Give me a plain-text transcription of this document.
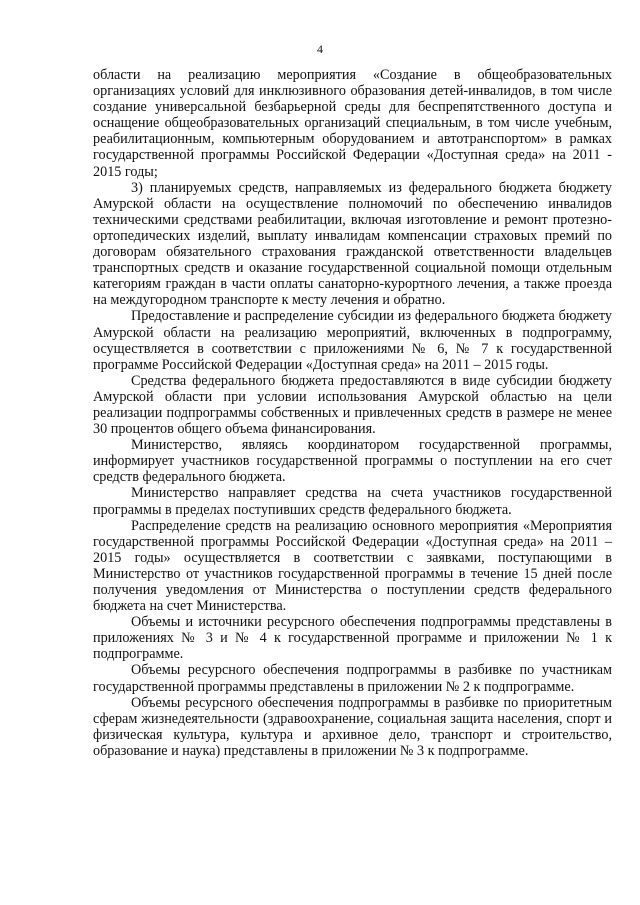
4

области на реализацию мероприятия «Создание в общеобразовательных организациях условий для инклюзивного образования детей-инвалидов, в том числе создание универсальной безбарьерной среды для беспрепятственного доступа и оснащение общеобразовательных организаций специальным, в том числе учебным, реабилитационным, компьютерным оборудованием и автотранспортом» в рамках государственной программы Российской Федерации «Доступная среда» на 2011 - 2015 годы;

3) планируемых средств, направляемых из федерального бюджета бюджету Амурской области на осуществление полномочий по обеспечению инвалидов техническими средствами реабилитации, включая изготовление и ремонт протезно-ортопедических изделий, выплату инвалидам компенсации страховых премий по договорам обязательного страхования гражданской ответственности владельцев транспортных средств и оказание государственной социальной помощи отдельным категориям граждан в части оплаты санаторно-курортного лечения, а также проезда на междугородном транспорте к месту лечения и обратно.

Предоставление и распределение субсидии из федерального бюджета бюджету Амурской области на реализацию мероприятий, включенных в подпрограмму, осуществляется в соответствии с приложениями № 6, № 7 к государственной программе Российской Федерации «Доступная среда» на 2011 – 2015 годы.

Средства федерального бюджета предоставляются в виде субсидии бюджету Амурской области при условии использования Амурской областью на цели реализации подпрограммы собственных и привлеченных средств в размере не менее 30 процентов общего объема финансирования.

Министерство, являясь координатором государственной программы, информирует участников государственной программы о поступлении на его счет средств федерального бюджета.

Министерство направляет средства на счета участников государственной программы в пределах поступивших средств федерального бюджета.

Распределение средств на реализацию основного мероприятия «Мероприятия государственной программы Российской Федерации «Доступная среда» на 2011 – 2015 годы» осуществляется в соответствии с заявками, поступающими в Министерство от участников государственной программы в течение 15 дней после получения уведомления от Министерства о поступлении средств федерального бюджета на счет Министерства.

Объемы и источники ресурсного обеспечения подпрограммы представлены в приложениях № 3 и № 4 к государственной программе и приложении № 1 к подпрограмме.

Объемы ресурсного обеспечения подпрограммы в разбивке по участникам государственной программы представлены в приложении № 2 к подпрограмме.

Объемы ресурсного обеспечения подпрограммы в разбивке по приоритетным сферам жизнедеятельности (здравоохранение, социальная защита населения, спорт и физическая культура, культура и архивное дело, транспорт и строительство, образование и наука) представлены в приложении № 3 к подпрограмме.
